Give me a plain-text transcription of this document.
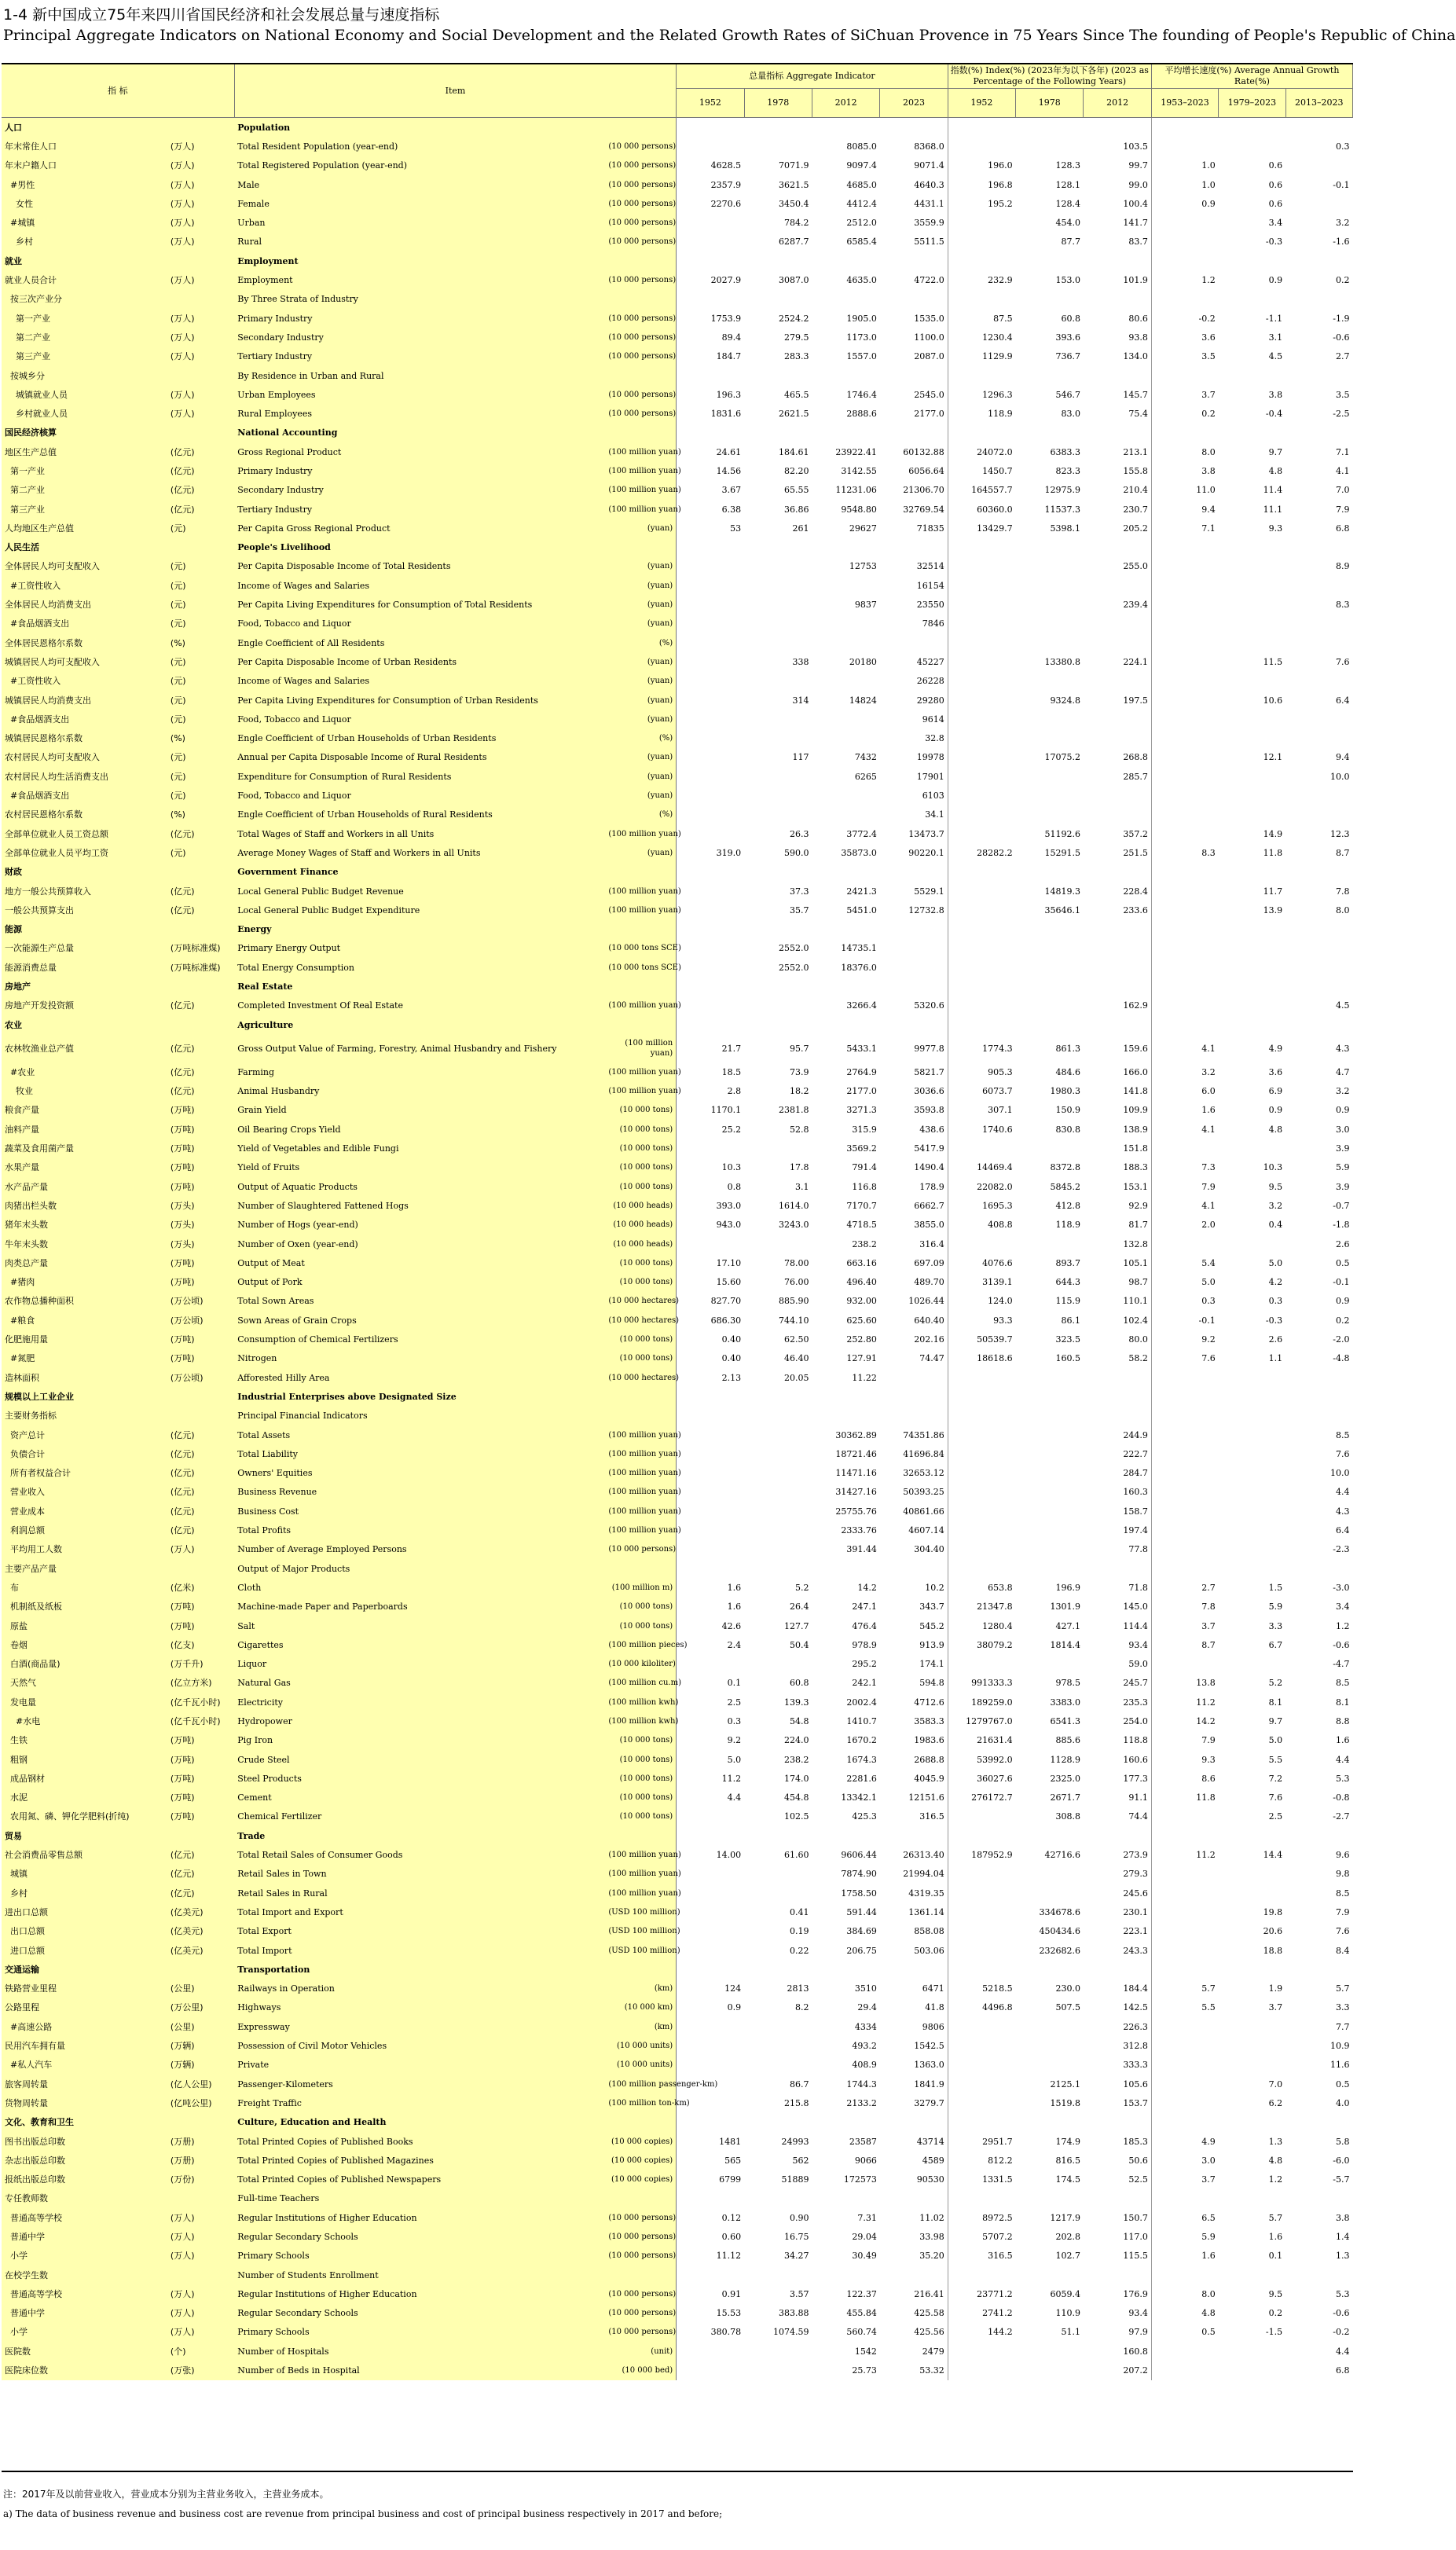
1-4 新中国成立75年来四川省国民经济和社会发展总量与速度指标
Principal Aggregate Indicators on National Economy and Social Development and the Related Growth Rates of SiChuan Provence in 75 Years Since The founding of People's Republic of China
指 标		Item		总量指标 Aggregate Indicator				指数(%) Index(%) (2023年为以下各年) (2023 as Percentage of the Following Years)			平均增长速度(%) Average Annual Growth Rate(%)		
				1952	1978	2012	2023	1952	1978	2012	1953–2023	1979–2023	2013–2023
人口		Population											
年末常住人口	(万人)	Total Resident Population (year-end)	(10 000 persons)			8085.0	8368.0			103.5			0.3
年末户籍人口	(万人)	Total Registered Population (year-end)	(10 000 persons)	4628.5	7071.9	9097.4	9071.4	196.0	128.3	99.7	1.0	0.6	
#男性	(万人)	Male	(10 000 persons)	2357.9	3621.5	4685.0	4640.3	196.8	128.1	99.0	1.0	0.6	-0.1
女性	(万人)	Female	(10 000 persons)	2270.6	3450.4	4412.4	4431.1	195.2	128.4	100.4	0.9	0.6	
#城镇	(万人)	Urban	(10 000 persons)		784.2	2512.0	3559.9		454.0	141.7		3.4	3.2
乡村	(万人)	Rural	(10 000 persons)		6287.7	6585.4	5511.5		87.7	83.7		-0.3	-1.6
就业		Employment											
就业人员合计	(万人)	Employment	(10 000 persons)	2027.9	3087.0	4635.0	4722.0	232.9	153.0	101.9	1.2	0.9	0.2
按三次产业分		By Three Strata of Industry											
第一产业	(万人)	Primary Industry	(10 000 persons)	1753.9	2524.2	1905.0	1535.0	87.5	60.8	80.6	-0.2	-1.1	-1.9
第二产业	(万人)	Secondary Industry	(10 000 persons)	89.4	279.5	1173.0	1100.0	1230.4	393.6	93.8	3.6	3.1	-0.6
第三产业	(万人)	Tertiary Industry	(10 000 persons)	184.7	283.3	1557.0	2087.0	1129.9	736.7	134.0	3.5	4.5	2.7
按城乡分		By Residence in Urban and Rural											
城镇就业人员	(万人)	Urban Employees	(10 000 persons)	196.3	465.5	1746.4	2545.0	1296.3	546.7	145.7	3.7	3.8	3.5
乡村就业人员	(万人)	Rural Employees	(10 000 persons)	1831.6	2621.5	2888.6	2177.0	118.9	83.0	75.4	0.2	-0.4	-2.5
国民经济核算		National Accounting											
地区生产总值	(亿元)	Gross Regional Product	(100 million yuan)	24.61	184.61	23922.41	60132.88	24072.0	6383.3	213.1	8.0	9.7	7.1
第一产业	(亿元)	Primary Industry	(100 million yuan)	14.56	82.20	3142.55	6056.64	1450.7	823.3	155.8	3.8	4.8	4.1
第二产业	(亿元)	Secondary Industry	(100 million yuan)	3.67	65.55	11231.06	21306.70	164557.7	12975.9	210.4	11.0	11.4	7.0
第三产业	(亿元)	Tertiary Industry	(100 million yuan)	6.38	36.86	9548.80	32769.54	60360.0	11537.3	230.7	9.4	11.1	7.9
人均地区生产总值	(元)	Per Capita Gross Regional Product	(yuan)	53	261	29627	71835	13429.7	5398.1	205.2	7.1	9.3	6.8
人民生活		People's Livelihood											
全体居民人均可支配收入	(元)	Per Capita Disposable Income of Total Residents	(yuan)			12753	32514			255.0			8.9
#工资性收入	(元)	Income of Wages and Salaries	(yuan)				16154						
全体居民人均消费支出	(元)	Per Capita Living Expenditures for Consumption of Total Residents	(yuan)			9837	23550			239.4			8.3
#食品烟酒支出	(元)	Food, Tobacco and Liquor	(yuan)				7846						
全体居民恩格尔系数	(%)	Engle Coefficient of All Residents	(%)										
城镇居民人均可支配收入	(元)	Per Capita Disposable Income of Urban Residents	(yuan)		338	20180	45227		13380.8	224.1		11.5	7.6
#工资性收入	(元)	Income of Wages and Salaries	(yuan)				26228						
城镇居民人均消费支出	(元)	Per Capita Living Expenditures for Consumption of Urban Residents	(yuan)		314	14824	29280		9324.8	197.5		10.6	6.4
#食品烟酒支出	(元)	Food, Tobacco and Liquor	(yuan)				9614						
城镇居民恩格尔系数	(%)	Engle Coefficient of Urban Households of Urban Residents	(%)				32.8						
农村居民人均可支配收入	(元)	Annual per Capita Disposable Income of Rural Residents	(yuan)		117	7432	19978		17075.2	268.8		12.1	9.4
农村居民人均生活消费支出	(元)	Expenditure for Consumption of Rural Residents	(yuan)			6265	17901			285.7			10.0
#食品烟酒支出	(元)	Food, Tobacco and Liquor	(yuan)				6103						
农村居民恩格尔系数	(%)	Engle Coefficient of Urban Households of Rural Residents	(%)				34.1						
全部单位就业人员工资总额	(亿元)	Total Wages of Staff and Workers in all Units	(100 million yuan)		26.3	3772.4	13473.7		51192.6	357.2		14.9	12.3
全部单位就业人员平均工资	(元)	Average Money Wages of Staff and Workers in all Units	(yuan)	319.0	590.0	35873.0	90220.1	28282.2	15291.5	251.5	8.3	11.8	8.7
财政		Government Finance											
地方一般公共预算收入	(亿元)	Local General Public Budget Revenue	(100 million yuan)		37.3	2421.3	5529.1		14819.3	228.4		11.7	7.8
一般公共预算支出	(亿元)	Local General Public Budget Expenditure	(100 million yuan)		35.7	5451.0	12732.8		35646.1	233.6		13.9	8.0
能源		Energy											
一次能源生产总量	(万吨标准煤)	Primary Energy Output	(10 000 tons SCE)		2552.0	14735.1							
能源消费总量	(万吨标准煤)	Total Energy Consumption	(10 000 tons SCE)		2552.0	18376.0							
房地产		Real Estate											
房地产开发投资额	(亿元)	Completed Investment Of Real Estate	(100 million yuan)			3266.4	5320.6			162.9			4.5
农业		Agriculture											
农林牧渔业总产值	(亿元)	Gross Output Value of Farming, Forestry, Animal Husbandry and Fishery	(100 million yuan)	21.7	95.7	5433.1	9977.8	1774.3	861.3	159.6	4.1	4.9	4.3
#农业	(亿元)	Farming	(100 million yuan)	18.5	73.9	2764.9	5821.7	905.3	484.6	166.0	3.2	3.6	4.7
牧业	(亿元)	Animal Husbandry	(100 million yuan)	2.8	18.2	2177.0	3036.6	6073.7	1980.3	141.8	6.0	6.9	3.2
粮食产量	(万吨)	Grain Yield	(10 000 tons)	1170.1	2381.8	3271.3	3593.8	307.1	150.9	109.9	1.6	0.9	0.9
油料产量	(万吨)	Oil Bearing Crops Yield	(10 000 tons)	25.2	52.8	315.9	438.6	1740.6	830.8	138.9	4.1	4.8	3.0
蔬菜及食用菌产量	(万吨)	Yield of Vegetables and Edible Fungi	(10 000 tons)			3569.2	5417.9			151.8			3.9
水果产量	(万吨)	Yield of Fruits	(10 000 tons)	10.3	17.8	791.4	1490.4	14469.4	8372.8	188.3	7.3	10.3	5.9
水产品产量	(万吨)	Output of Aquatic Products	(10 000 tons)	0.8	3.1	116.8	178.9	22082.0	5845.2	153.1	7.9	9.5	3.9
肉猪出栏头数	(万头)	Number of Slaughtered Fattened Hogs	(10 000 heads)	393.0	1614.0	7170.7	6662.7	1695.3	412.8	92.9	4.1	3.2	-0.7
猪年末头数	(万头)	Number of Hogs (year-end)	(10 000 heads)	943.0	3243.0	4718.5	3855.0	408.8	118.9	81.7	2.0	0.4	-1.8
牛年末头数	(万头)	Number of Oxen (year-end)	(10 000 heads)			238.2	316.4			132.8			2.6
肉类总产量	(万吨)	Output of Meat	(10 000 tons)	17.10	78.00	663.16	697.09	4076.6	893.7	105.1	5.4	5.0	0.5
#猪肉	(万吨)	Output of Pork	(10 000 tons)	15.60	76.00	496.40	489.70	3139.1	644.3	98.7	5.0	4.2	-0.1
农作物总播种面积	(万公顷)	Total Sown Areas	(10 000 hectares)	827.70	885.90	932.00	1026.44	124.0	115.9	110.1	0.3	0.3	0.9
#粮食	(万公顷)	Sown Areas of Grain Crops	(10 000 hectares)	686.30	744.10	625.60	640.40	93.3	86.1	102.4	-0.1	-0.3	0.2
化肥施用量	(万吨)	Consumption of Chemical Fertilizers	(10 000 tons)	0.40	62.50	252.80	202.16	50539.7	323.5	80.0	9.2	2.6	-2.0
#氮肥	(万吨)	Nitrogen	(10 000 tons)	0.40	46.40	127.91	74.47	18618.6	160.5	58.2	7.6	1.1	-4.8
造林面积	(万公顷)	Afforested Hilly Area	(10 000 hectares)	2.13	20.05	11.22							
规模以上工业企业		Industrial Enterprises above Designated Size											
主要财务指标		Principal Financial Indicators											
资产总计	(亿元)	Total Assets	(100 million yuan)			30362.89	74351.86			244.9			8.5
负债合计	(亿元)	Total Liability	(100 million yuan)			18721.46	41696.84			222.7			7.6
所有者权益合计	(亿元)	Owners' Equities	(100 million yuan)			11471.16	32653.12			284.7			10.0
营业收入	(亿元)	Business Revenue	(100 million yuan)			31427.16	50393.25			160.3			4.4
营业成本	(亿元)	Business Cost	(100 million yuan)			25755.76	40861.66			158.7			4.3
利润总额	(亿元)	Total Profits	(100 million yuan)			2333.76	4607.14			197.4			6.4
平均用工人数	(万人)	Number of Average Employed Persons	(10 000 persons)			391.44	304.40			77.8			-2.3
主要产品产量		Output of Major Products											
布	(亿米)	Cloth	(100 million m)	1.6	5.2	14.2	10.2	653.8	196.9	71.8	2.7	1.5	-3.0
机制纸及纸板	(万吨)	Machine-made Paper and Paperboards	(10 000 tons)	1.6	26.4	247.1	343.7	21347.8	1301.9	145.0	7.8	5.9	3.4
原盐	(万吨)	Salt	(10 000 tons)	42.6	127.7	476.4	545.2	1280.4	427.1	114.4	3.7	3.3	1.2
卷烟	(亿支)	Cigarettes	(100 million pieces)	2.4	50.4	978.9	913.9	38079.2	1814.4	93.4	8.7	6.7	-0.6
白酒(商品量)	(万千升)	Liquor	(10 000 kiloliter)			295.2	174.1			59.0			-4.7
天然气	(亿立方米)	Natural Gas	(100 million cu.m)	0.1	60.8	242.1	594.8	991333.3	978.5	245.7	13.8	5.2	8.5
发电量	(亿千瓦小时)	Electricity	(100 million kwh)	2.5	139.3	2002.4	4712.6	189259.0	3383.0	235.3	11.2	8.1	8.1
#水电	(亿千瓦小时)	Hydropower	(100 million kwh)	0.3	54.8	1410.7	3583.3	1279767.0	6541.3	254.0	14.2	9.7	8.8
生铁	(万吨)	Pig Iron	(10 000 tons)	9.2	224.0	1670.2	1983.6	21631.4	885.6	118.8	7.9	5.0	1.6
粗钢	(万吨)	Crude Steel	(10 000 tons)	5.0	238.2	1674.3	2688.8	53992.0	1128.9	160.6	9.3	5.5	4.4
成品钢材	(万吨)	Steel Products	(10 000 tons)	11.2	174.0	2281.6	4045.9	36027.6	2325.0	177.3	8.6	7.2	5.3
水泥	(万吨)	Cement	(10 000 tons)	4.4	454.8	13342.1	12151.6	276172.7	2671.7	91.1	11.8	7.6	-0.8
农用氮、磷、钾化学肥料(折纯)	(万吨)	Chemical Fertilizer	(10 000 tons)		102.5	425.3	316.5		308.8	74.4		2.5	-2.7
贸易		Trade											
社会消费品零售总额	(亿元)	Total Retail Sales of Consumer Goods	(100 million yuan)	14.00	61.60	9606.44	26313.40	187952.9	42716.6	273.9	11.2	14.4	9.6
城镇	(亿元)	Retail Sales in Town	(100 million yuan)			7874.90	21994.04			279.3			9.8
乡村	(亿元)	Retail Sales in Rural	(100 million yuan)			1758.50	4319.35			245.6			8.5
进出口总额	(亿美元)	Total Import and Export	(USD 100 million)		0.41	591.44	1361.14		334678.6	230.1		19.8	7.9
出口总额	(亿美元)	Total Export	(USD 100 million)		0.19	384.69	858.08		450434.6	223.1		20.6	7.6
进口总额	(亿美元)	Total Import	(USD 100 million)		0.22	206.75	503.06		232682.6	243.3		18.8	8.4
交通运输		Transportation											
铁路营业里程	(公里)	Railways in Operation	(km)	124	2813	3510	6471	5218.5	230.0	184.4	5.7	1.9	5.7
公路里程	(万公里)	Highways	(10 000 km)	0.9	8.2	29.4	41.8	4496.8	507.5	142.5	5.5	3.7	3.3
#高速公路	(公里)	Expressway	(km)			4334	9806			226.3			7.7
民用汽车拥有量	(万辆)	Possession of Civil Motor Vehicles	(10 000 units)			493.2	1542.5			312.8			10.9
#私人汽车	(万辆)	Private	(10 000 units)			408.9	1363.0			333.3			11.6
旅客周转量	(亿人公里)	Passenger-Kilometers	(100 million passenger-km)		86.7	1744.3	1841.9		2125.1	105.6		7.0	0.5
货物周转量	(亿吨公里)	Freight Traffic	(100 million ton-km)		215.8	2133.2	3279.7		1519.8	153.7		6.2	4.0
文化、教育和卫生		Culture, Education and Health											
图书出版总印数	(万册)	Total Printed Copies of Published Books	(10 000 copies)	1481	24993	23587	43714	2951.7	174.9	185.3	4.9	1.3	5.8
杂志出版总印数	(万册)	Total Printed Copies of Published Magazines	(10 000 copies)	565	562	9066	4589	812.2	816.5	50.6	3.0	4.8	-6.0
报纸出版总印数	(万份)	Total Printed Copies of Published Newspapers	(10 000 copies)	6799	51889	172573	90530	1331.5	174.5	52.5	3.7	1.2	-5.7
专任教师数		Full-time Teachers											
普通高等学校	(万人)	Regular Institutions of Higher Education	(10 000 persons)	0.12	0.90	7.31	11.02	8972.5	1217.9	150.7	6.5	5.7	3.8
普通中学	(万人)	Regular Secondary Schools	(10 000 persons)	0.60	16.75	29.04	33.98	5707.2	202.8	117.0	5.9	1.6	1.4
小学	(万人)	Primary Schools	(10 000 persons)	11.12	34.27	30.49	35.20	316.5	102.7	115.5	1.6	0.1	1.3
在校学生数		Number of Students Enrollment											
普通高等学校	(万人)	Regular Institutions of Higher Education	(10 000 persons)	0.91	3.57	122.37	216.41	23771.2	6059.4	176.9	8.0	9.5	5.3
普通中学	(万人)	Regular Secondary Schools	(10 000 persons)	15.53	383.88	455.84	425.58	2741.2	110.9	93.4	4.8	0.2	-0.6
小学	(万人)	Primary Schools	(10 000 persons)	380.78	1074.59	560.74	425.56	144.2	51.1	97.9	0.5	-1.5	-0.2
医院数	(个)	Number of Hospitals	(unit)			1542	2479			160.8			4.4
医院床位数	(万张)	Number of Beds in Hospital	(10 000 bed)			25.73	53.32			207.2			6.8
注：2017年及以前营业收入，营业成本分别为主营业务收入，主营业务成本。
a) The data of business revenue and business cost are revenue from principal business and cost of principal business respectively in 2017 and before;
